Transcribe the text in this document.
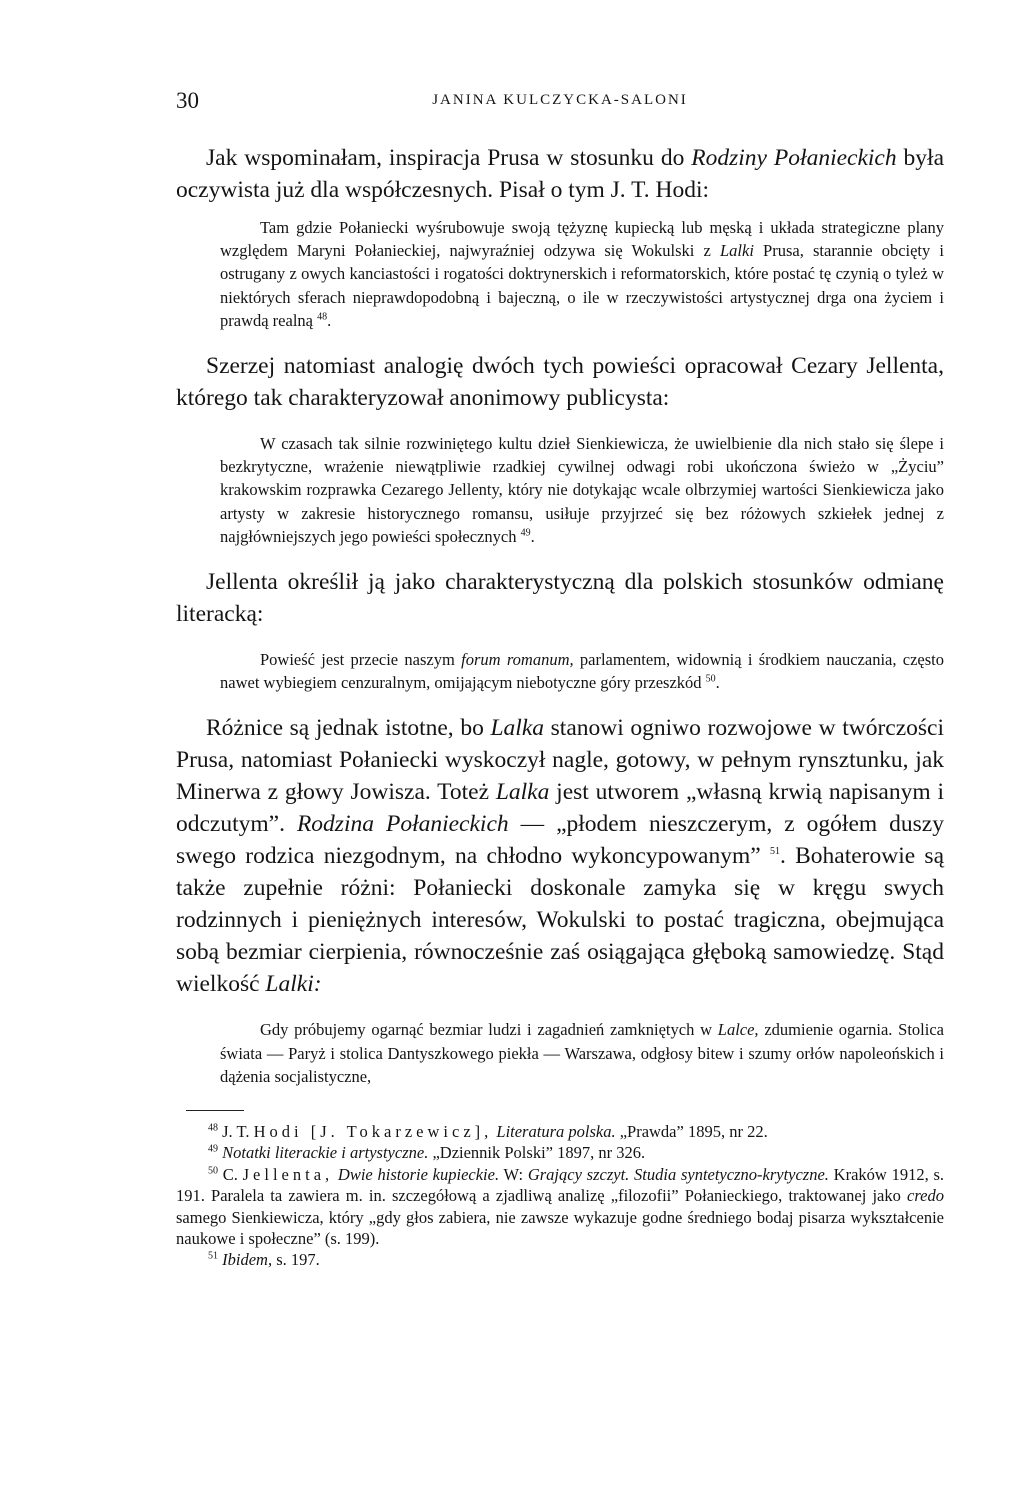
30	JANINA KULCZYCKA-SALONI

Jak wspominałam, inspiracja Prusa w stosunku do Rodziny Połanieckich była oczywista już dla współczesnych. Pisał o tym J. T. Hodi:

Tam gdzie Połaniecki wyśrubowuje swoją tężyznę kupiecką lub męską i układa strategiczne plany względem Maryni Połanieckiej, najwyraźniej odzywa się Wokulski z Lalki Prusa, starannie obcięty i ostrugany z owych kanciastości i rogatości doktrynerskich i reformatorskich, które postać tę czynią o tyleż w niektórych sferach nieprawdopodobną i bajeczną, o ile w rzeczywistości artystycznej drga ona życiem i prawdą realną $^{48}$.

Szerzej natomiast analogię dwóch tych powieści opracował Cezary Jellenta, którego tak charakteryzował anonimowy publicysta:

W czasach tak silnie rozwiniętego kultu dzieł Sienkiewicza, że uwielbienie dla nich stało się ślepe i bezkrytyczne, wrażenie niewątpliwie rzadkiej cywilnej odwagi robi ukończona świeżo w „Życiu” krakowskim rozprawka Cezarego Jellenty, który nie dotykając wcale olbrzymiej wartości Sienkiewicza jako artysty w zakresie historycznego romansu, usiłuje przyjrzeć się bez różowych szkiełek jednej z najgłówniejszych jego powieści społecznych $^{49}$.

Jellenta określił ją jako charakterystyczną dla polskich stosunków odmianę literacką:

Powieść jest przecie naszym forum romanum, parlamentem, widownią i środkiem nauczania, często nawet wybiegiem cenzuralnym, omijającym niebotyczne góry przeszkód $^{50}$.

Różnice są jednak istotne, bo Lalka stanowi ogniwo rozwojowe w twórczości Prusa, natomiast Połaniecki wyskoczył nagle, gotowy, w pełnym rynsztunku, jak Minerwa z głowy Jowisza. Toteż Lalka jest utworem „własną krwią napisanym i odczutym”. Rodzina Połanieckich — „płodem nieszczerym, z ogółem duszy swego rodzica niezgodnym, na chłodno wykoncypowanym” $^{51}$. Bohaterowie są także zupełnie różni: Połaniecki doskonale zamyka się w kręgu swych rodzinnych i pieniężnych interesów, Wokulski to postać tragiczna, obejmująca sobą bezmiar cierpienia, równocześnie zaś osiągająca głęboką samowiedzę. Stąd wielkość Lalki:

Gdy próbujemy ogarnąć bezmiar ludzi i zagadnień zamkniętych w Lalce, zdumienie ogarnia. Stolica świata — Paryż i stolica Dantyszkowego piekła — Warszawa, odgłosy bitew i szumy orłów napoleońskich i dążenia socjalistyczne,

$^{48}$ J. T. Hodi [J. Tokarzewicz], Literatura polska. „Prawda” 1895, nr 22.

$^{49}$ Notatki literackie i artystyczne. „Dziennik Polski” 1897, nr 326.

$^{50}$ C. Jellenta, Dwie historie kupieckie. W: Grający szczyt. Studia syntetyczno-krytyczne. Kraków 1912, s. 191. Paralela ta zawiera m. in. szczegółową a zjadliwą analizę „filozofii” Połanieckiego, traktowanej jako credo samego Sienkiewicza, który „gdy głos zabiera, nie zawsze wykazuje godne średniego bodaj pisarza wykształcenie naukowe i społeczne” (s. 199).

$^{51}$ Ibidem, s. 197.
